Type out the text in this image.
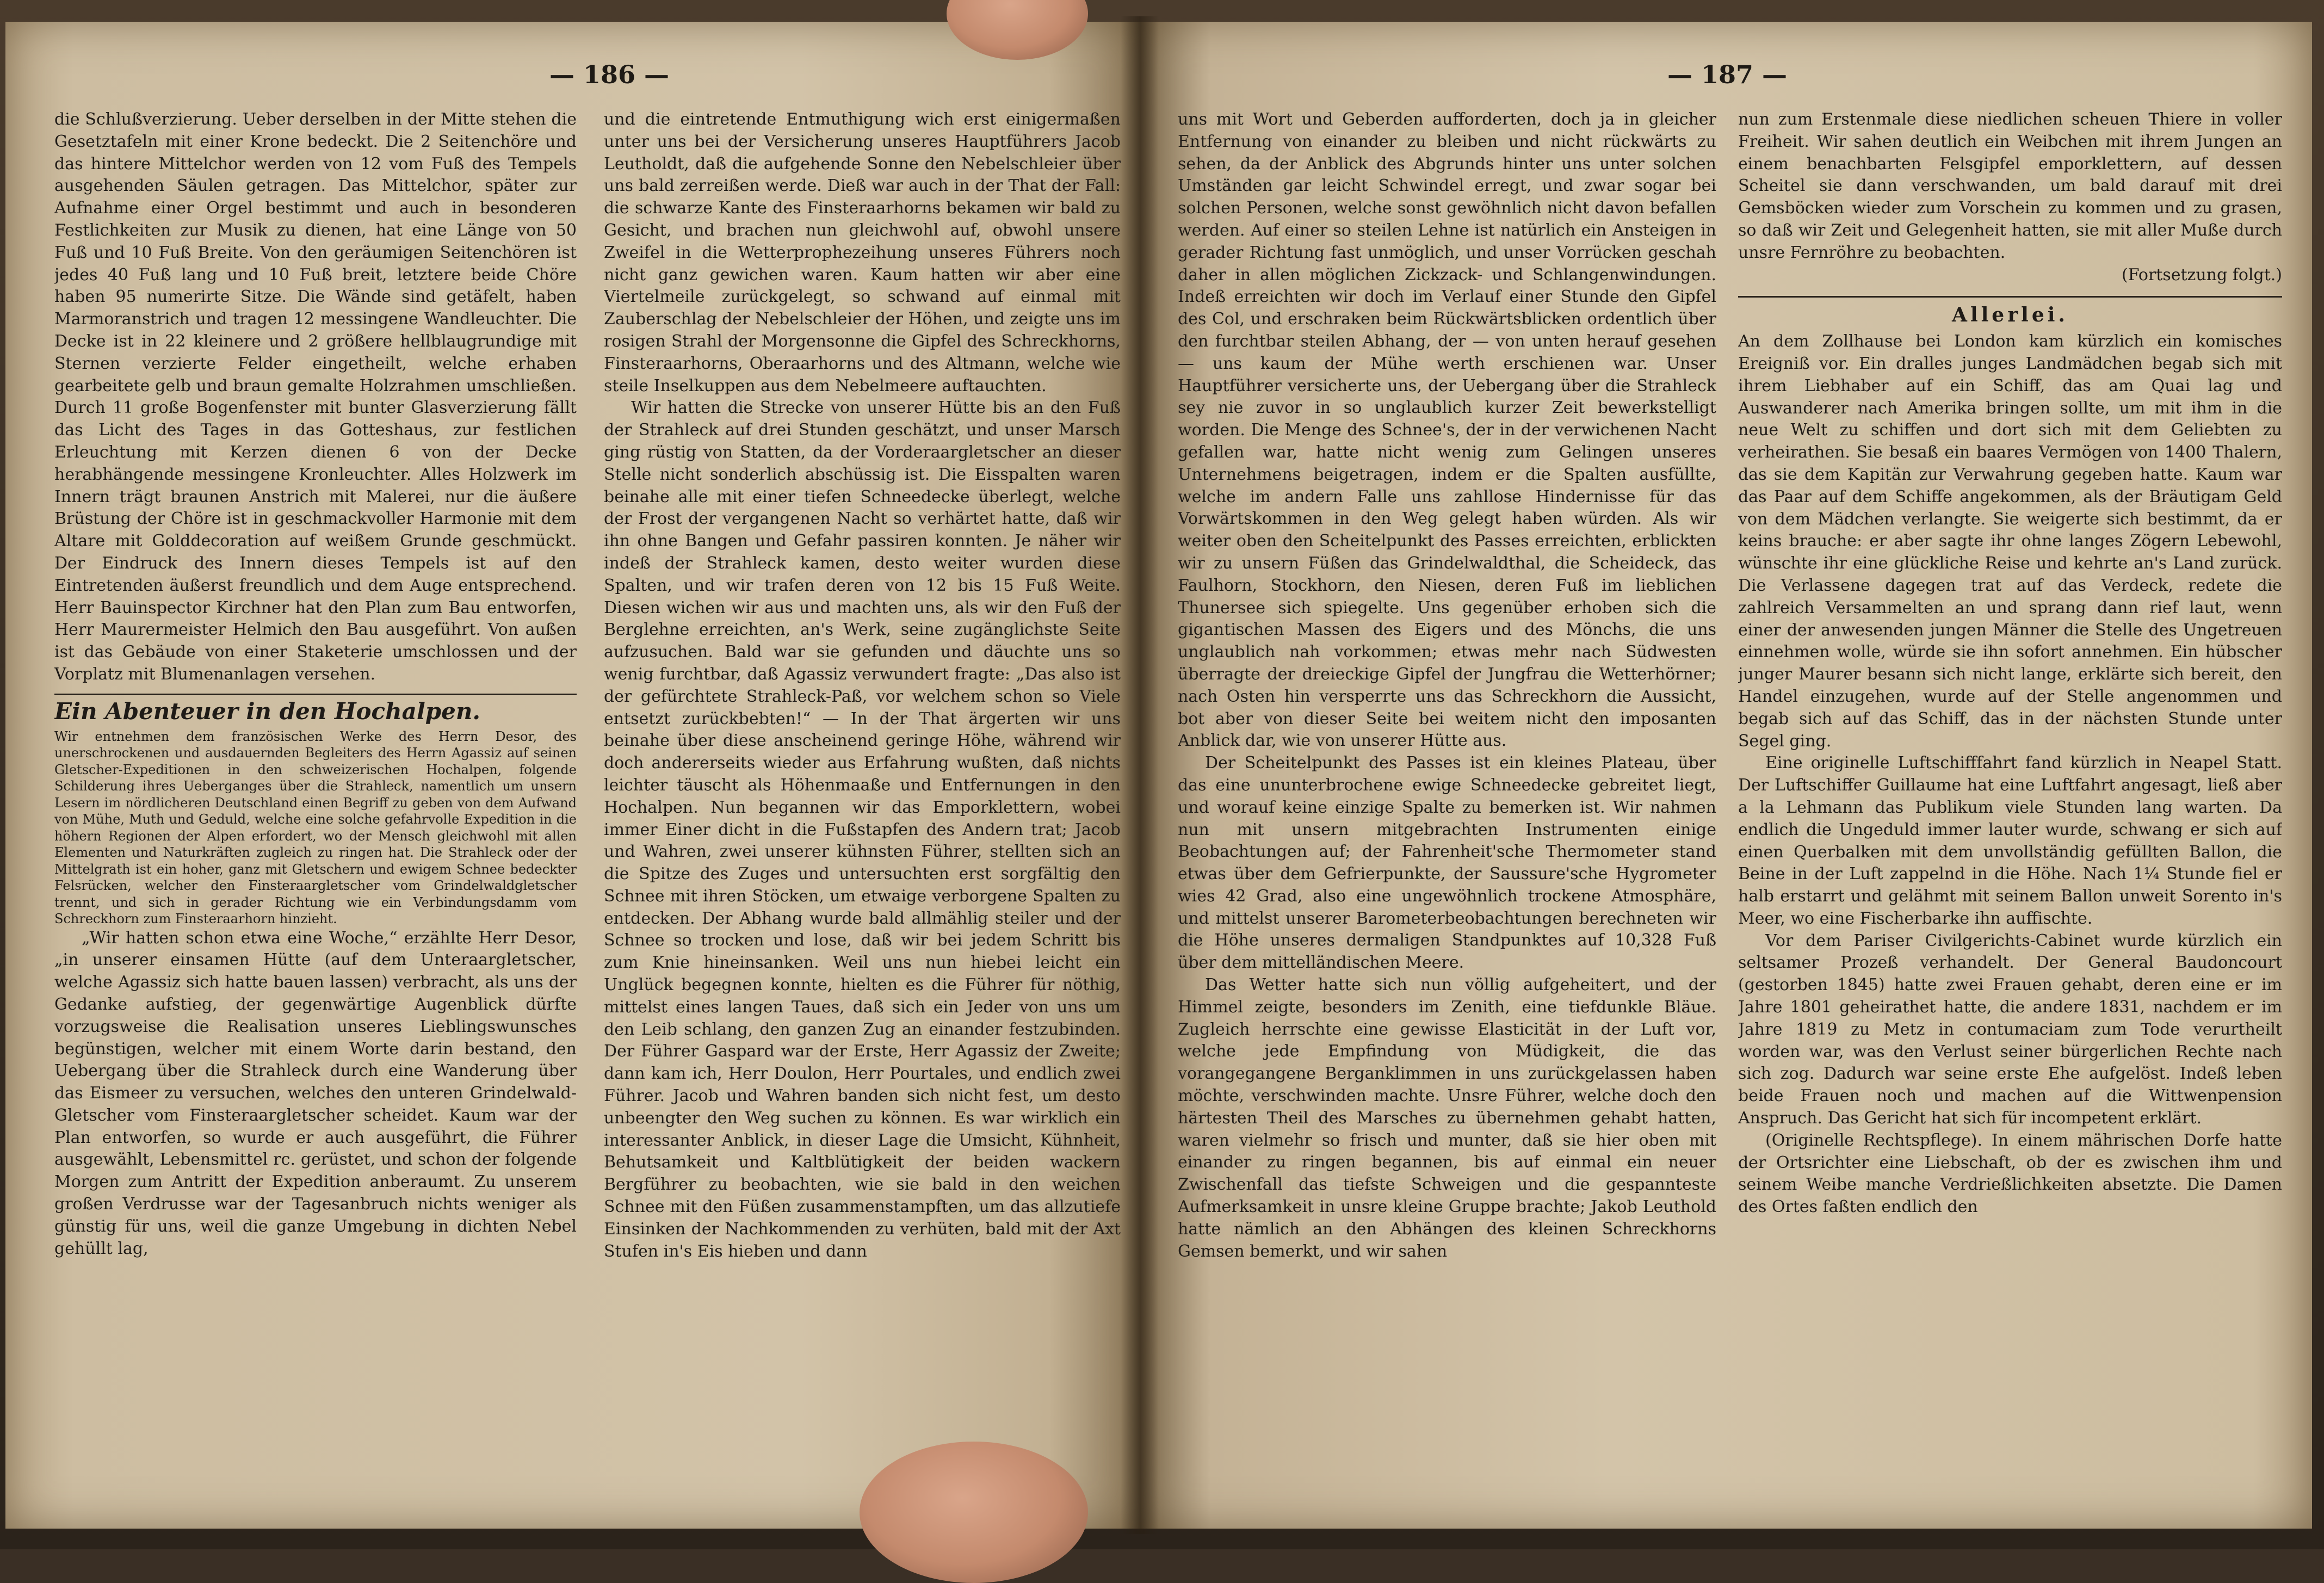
— 186 —

die Schlußverzierung. Ueber derselben in der Mitte stehen die Gesetztafeln mit einer Krone bedeckt. Die 2 Seitenchöre und das hintere Mittelchor werden von 12 vom Fuß des Tempels ausgehenden Säulen getragen. Das Mittelchor, später zur Aufnahme einer Orgel bestimmt und auch in besonderen Festlichkeiten zur Musik zu dienen, hat eine Länge von 50 Fuß und 10 Fuß Breite. Von den geräumigen Seitenchören ist jedes 40 Fuß lang und 10 Fuß breit, letztere beide Chöre haben 95 numerirte Sitze. Die Wände sind getäfelt, haben Marmoranstrich und tragen 12 messingene Wandleuchter. Die Decke ist in 22 kleinere und 2 größere hellblaugrundige mit Sternen verzierte Felder eingetheilt, welche erhaben gearbeitete gelb und braun gemalte Holzrahmen umschließen. Durch 11 große Bogenfenster mit bunter Glasverzierung fällt das Licht des Tages in das Gotteshaus, zur festlichen Erleuchtung mit Kerzen dienen 6 von der Decke herabhängende messingene Kronleuchter. Alles Holzwerk im Innern trägt braunen Anstrich mit Malerei, nur die äußere Brüstung der Chöre ist in geschmackvoller Harmonie mit dem Altare mit Golddecoration auf weißem Grunde geschmückt. Der Eindruck des Innern dieses Tempels ist auf den Eintretenden äußerst freundlich und dem Auge entsprechend. Herr Bauinspector Kirchner hat den Plan zum Bau entworfen, Herr Maurermeister Helmich den Bau ausgeführt. Von außen ist das Gebäude von einer Staketerie umschlossen und der Vorplatz mit Blumenanlagen versehen.

Ein Abenteuer in den Hochalpen.

Wir entnehmen dem französischen Werke des Herrn Desor, des unerschrockenen und ausdauernden Begleiters des Herrn Agassiz auf seinen Gletscher-Expeditionen in den schweizerischen Hochalpen, folgende Schilderung ihres Ueberganges über die Strahleck, namentlich um unsern Lesern im nördlicheren Deutschland einen Begriff zu geben von dem Aufwand von Mühe, Muth und Geduld, welche eine solche gefahrvolle Expedition in die höhern Regionen der Alpen erfordert, wo der Mensch gleichwohl mit allen Elementen und Naturkräften zugleich zu ringen hat. Die Strahleck oder der Mittelgrath ist ein hoher, ganz mit Gletschern und ewigem Schnee bedeckter Felsrücken, welcher den Finsteraargletscher vom Grindelwaldgletscher trennt, und sich in gerader Richtung wie ein Verbindungsdamm vom Schreckhorn zum Finsteraarhorn hinzieht.

„Wir hatten schon etwa eine Woche,“ erzählte Herr Desor, „in unserer einsamen Hütte (auf dem Unteraargletscher, welche Agassiz sich hatte bauen lassen) verbracht, als uns der Gedanke aufstieg, der gegenwärtige Augenblick dürfte vorzugsweise die Realisation unseres Lieblingswunsches begünstigen, welcher mit einem Worte darin bestand, den Uebergang über die Strahleck durch eine Wanderung über das Eismeer zu versuchen, welches den unteren Grindelwald-Gletscher vom Finsteraargletscher scheidet. Kaum war der Plan entworfen, so wurde er auch ausgeführt, die Führer ausgewählt, Lebensmittel rc. gerüstet, und schon der folgende Morgen zum Antritt der Expedition anberaumt. Zu unserem großen Verdrusse war der Tagesanbruch nichts weniger als günstig für uns, weil die ganze Umgebung in dichten Nebel gehüllt lag,

und die eintretende Entmuthigung wich erst einigermaßen unter uns bei der Versicherung unseres Hauptführers Jacob Leutholdt, daß die aufgehende Sonne den Nebelschleier über uns bald zerreißen werde. Dieß war auch in der That der Fall: die schwarze Kante des Finsteraarhorns bekamen wir bald zu Gesicht, und brachen nun gleichwohl auf, obwohl unsere Zweifel in die Wetterprophezeihung unseres Führers noch nicht ganz gewichen waren. Kaum hatten wir aber eine Viertelmeile zurückgelegt, so schwand auf einmal mit Zauberschlag der Nebelschleier der Höhen, und zeigte uns im rosigen Strahl der Morgensonne die Gipfel des Schreckhorns, Finsteraarhorns, Oberaarhorns und des Altmann, welche wie steile Inselkuppen aus dem Nebelmeere auftauchten.

Wir hatten die Strecke von unserer Hütte bis an den Fuß der Strahleck auf drei Stunden geschätzt, und unser Marsch ging rüstig von Statten, da der Vorderaargletscher an dieser Stelle nicht sonderlich abschüssig ist. Die Eisspalten waren beinahe alle mit einer tiefen Schneedecke überlegt, welche der Frost der vergangenen Nacht so verhärtet hatte, daß wir ihn ohne Bangen und Gefahr passiren konnten. Je näher wir indeß der Strahleck kamen, desto weiter wurden diese Spalten, und wir trafen deren von 12 bis 15 Fuß Weite. Diesen wichen wir aus und machten uns, als wir den Fuß der Berglehne erreichten, an's Werk, seine zugänglichste Seite aufzusuchen. Bald war sie gefunden und däuchte uns so wenig furchtbar, daß Agassiz verwundert fragte: „Das also ist der gefürchtete Strahleck-Paß, vor welchem schon so Viele entsetzt zurückbebten!“ — In der That ärgerten wir uns beinahe über diese anscheinend geringe Höhe, während wir doch andererseits wieder aus Erfahrung wußten, daß nichts leichter täuscht als Höhenmaaße und Entfernungen in den Hochalpen. Nun begannen wir das Emporklettern, wobei immer Einer dicht in die Fußstapfen des Andern trat; Jacob und Wahren, zwei unserer kühnsten Führer, stellten sich an die Spitze des Zuges und untersuchten erst sorgfältig den Schnee mit ihren Stöcken, um etwaige verborgene Spalten zu entdecken. Der Abhang wurde bald allmählig steiler und der Schnee so trocken und lose, daß wir bei jedem Schritt bis zum Knie hineinsanken. Weil uns nun hiebei leicht ein Unglück begegnen konnte, hielten es die Führer für nöthig, mittelst eines langen Taues, daß sich ein Jeder von uns um den Leib schlang, den ganzen Zug an einander festzubinden. Der Führer Gaspard war der Erste, Herr Agassiz der Zweite; dann kam ich, Herr Doulon, Herr Pourtales, und endlich zwei Führer. Jacob und Wahren banden sich nicht fest, um desto unbeengter den Weg suchen zu können. Es war wirklich ein interessanter Anblick, in dieser Lage die Umsicht, Kühnheit, Behutsamkeit und Kaltblütigkeit der beiden wackern Bergführer zu beobachten, wie sie bald in den weichen Schnee mit den Füßen zusammenstampften, um das allzutiefe Einsinken der Nachkommenden zu verhüten, bald mit der Axt Stufen in's Eis hieben und dann

— 187 —

uns mit Wort und Geberden aufforderten, doch ja in gleicher Entfernung von einander zu bleiben und nicht rückwärts zu sehen, da der Anblick des Abgrunds hinter uns unter solchen Umständen gar leicht Schwindel erregt, und zwar sogar bei solchen Personen, welche sonst gewöhnlich nicht davon befallen werden. Auf einer so steilen Lehne ist natürlich ein Ansteigen in gerader Richtung fast unmöglich, und unser Vorrücken geschah daher in allen möglichen Zickzack- und Schlangenwindungen. Indeß erreichten wir doch im Verlauf einer Stunde den Gipfel des Col, und erschraken beim Rückwärtsblicken ordentlich über den furchtbar steilen Abhang, der — von unten herauf gesehen — uns kaum der Mühe werth erschienen war. Unser Hauptführer versicherte uns, der Uebergang über die Strahleck sey nie zuvor in so unglaublich kurzer Zeit bewerkstelligt worden. Die Menge des Schnee's, der in der verwichenen Nacht gefallen war, hatte nicht wenig zum Gelingen unseres Unternehmens beigetragen, indem er die Spalten ausfüllte, welche im andern Falle uns zahllose Hindernisse für das Vorwärtskommen in den Weg gelegt haben würden. Als wir weiter oben den Scheitelpunkt des Passes erreichten, erblickten wir zu unsern Füßen das Grindelwaldthal, die Scheideck, das Faulhorn, Stockhorn, den Niesen, deren Fuß im lieblichen Thunersee sich spiegelte. Uns gegenüber erhoben sich die gigantischen Massen des Eigers und des Mönchs, die uns unglaublich nah vorkommen; etwas mehr nach Südwesten überragte der dreieckige Gipfel der Jungfrau die Wetterhörner; nach Osten hin versperrte uns das Schreckhorn die Aussicht, bot aber von dieser Seite bei weitem nicht den imposanten Anblick dar, wie von unserer Hütte aus.

Der Scheitelpunkt des Passes ist ein kleines Plateau, über das eine ununterbrochene ewige Schneedecke gebreitet liegt, und worauf keine einzige Spalte zu bemerken ist. Wir nahmen nun mit unsern mitgebrachten Instrumenten einige Beobachtungen auf; der Fahrenheit'sche Thermometer stand etwas über dem Gefrierpunkte, der Saussure'sche Hygrometer wies 42 Grad, also eine ungewöhnlich trockene Atmosphäre, und mittelst unserer Barometerbeobachtungen berechneten wir die Höhe unseres dermaligen Standpunktes auf 10,328 Fuß über dem mittelländischen Meere.

Das Wetter hatte sich nun völlig aufgeheitert, und der Himmel zeigte, besonders im Zenith, eine tiefdunkle Bläue. Zugleich herrschte eine gewisse Elasticität in der Luft vor, welche jede Empfindung von Müdigkeit, die das vorangegangene Berganklimmen in uns zurückgelassen haben möchte, verschwinden machte. Unsre Führer, welche doch den härtesten Theil des Marsches zu übernehmen gehabt hatten, waren vielmehr so frisch und munter, daß sie hier oben mit einander zu ringen begannen, bis auf einmal ein neuer Zwischenfall das tiefste Schweigen und die gespannteste Aufmerksamkeit in unsre kleine Gruppe brachte; Jakob Leuthold hatte nämlich an den Abhängen des kleinen Schreckhorns Gemsen bemerkt, und wir sahen

nun zum Erstenmale diese niedlichen scheuen Thiere in voller Freiheit. Wir sahen deutlich ein Weibchen mit ihrem Jungen an einem benachbarten Felsgipfel emporklettern, auf dessen Scheitel sie dann verschwanden, um bald darauf mit drei Gemsböcken wieder zum Vorschein zu kommen und zu grasen, so daß wir Zeit und Gelegenheit hatten, sie mit aller Muße durch unsre Fernröhre zu beobachten.

(Fortsetzung folgt.)

Allerlei.

An dem Zollhause bei London kam kürzlich ein komisches Ereigniß vor. Ein dralles junges Landmädchen begab sich mit ihrem Liebhaber auf ein Schiff, das am Quai lag und Auswanderer nach Amerika bringen sollte, um mit ihm in die neue Welt zu schiffen und dort sich mit dem Geliebten zu verheirathen. Sie besaß ein baares Vermögen von 1400 Thalern, das sie dem Kapitän zur Verwahrung gegeben hatte. Kaum war das Paar auf dem Schiffe angekommen, als der Bräutigam Geld von dem Mädchen verlangte. Sie weigerte sich bestimmt, da er keins brauche: er aber sagte ihr ohne langes Zögern Lebewohl, wünschte ihr eine glückliche Reise und kehrte an's Land zurück. Die Verlassene dagegen trat auf das Verdeck, redete die zahlreich Versammelten an und sprang dann rief laut, wenn einer der anwesenden jungen Männer die Stelle des Ungetreuen einnehmen wolle, würde sie ihn sofort annehmen. Ein hübscher junger Maurer besann sich nicht lange, erklärte sich bereit, den Handel einzugehen, wurde auf der Stelle angenommen und begab sich auf das Schiff, das in der nächsten Stunde unter Segel ging.

Eine originelle Luftschifffahrt fand kürzlich in Neapel Statt. Der Luftschiffer Guillaume hat eine Luftfahrt angesagt, ließ aber a la Lehmann das Publikum viele Stunden lang warten. Da endlich die Ungeduld immer lauter wurde, schwang er sich auf einen Querbalken mit dem unvollständig gefüllten Ballon, die Beine in der Luft zappelnd in die Höhe. Nach 1¼ Stunde fiel er halb erstarrt und gelähmt mit seinem Ballon unweit Sorento in's Meer, wo eine Fischerbarke ihn auffischte.

Vor dem Pariser Civilgerichts-Cabinet wurde kürzlich ein seltsamer Prozeß verhandelt. Der General Baudoncourt (gestorben 1845) hatte zwei Frauen gehabt, deren eine er im Jahre 1801 geheirathet hatte, die andere 1831, nachdem er im Jahre 1819 zu Metz in contumaciam zum Tode verurtheilt worden war, was den Verlust seiner bürgerlichen Rechte nach sich zog. Dadurch war seine erste Ehe aufgelöst. Indeß leben beide Frauen noch und machen auf die Wittwenpension Anspruch. Das Gericht hat sich für incompetent erklärt.

(Originelle Rechtspflege). In einem mährischen Dorfe hatte der Ortsrichter eine Liebschaft, ob der es zwischen ihm und seinem Weibe manche Verdrießlichkeiten absetzte. Die Damen des Ortes faßten endlich den
